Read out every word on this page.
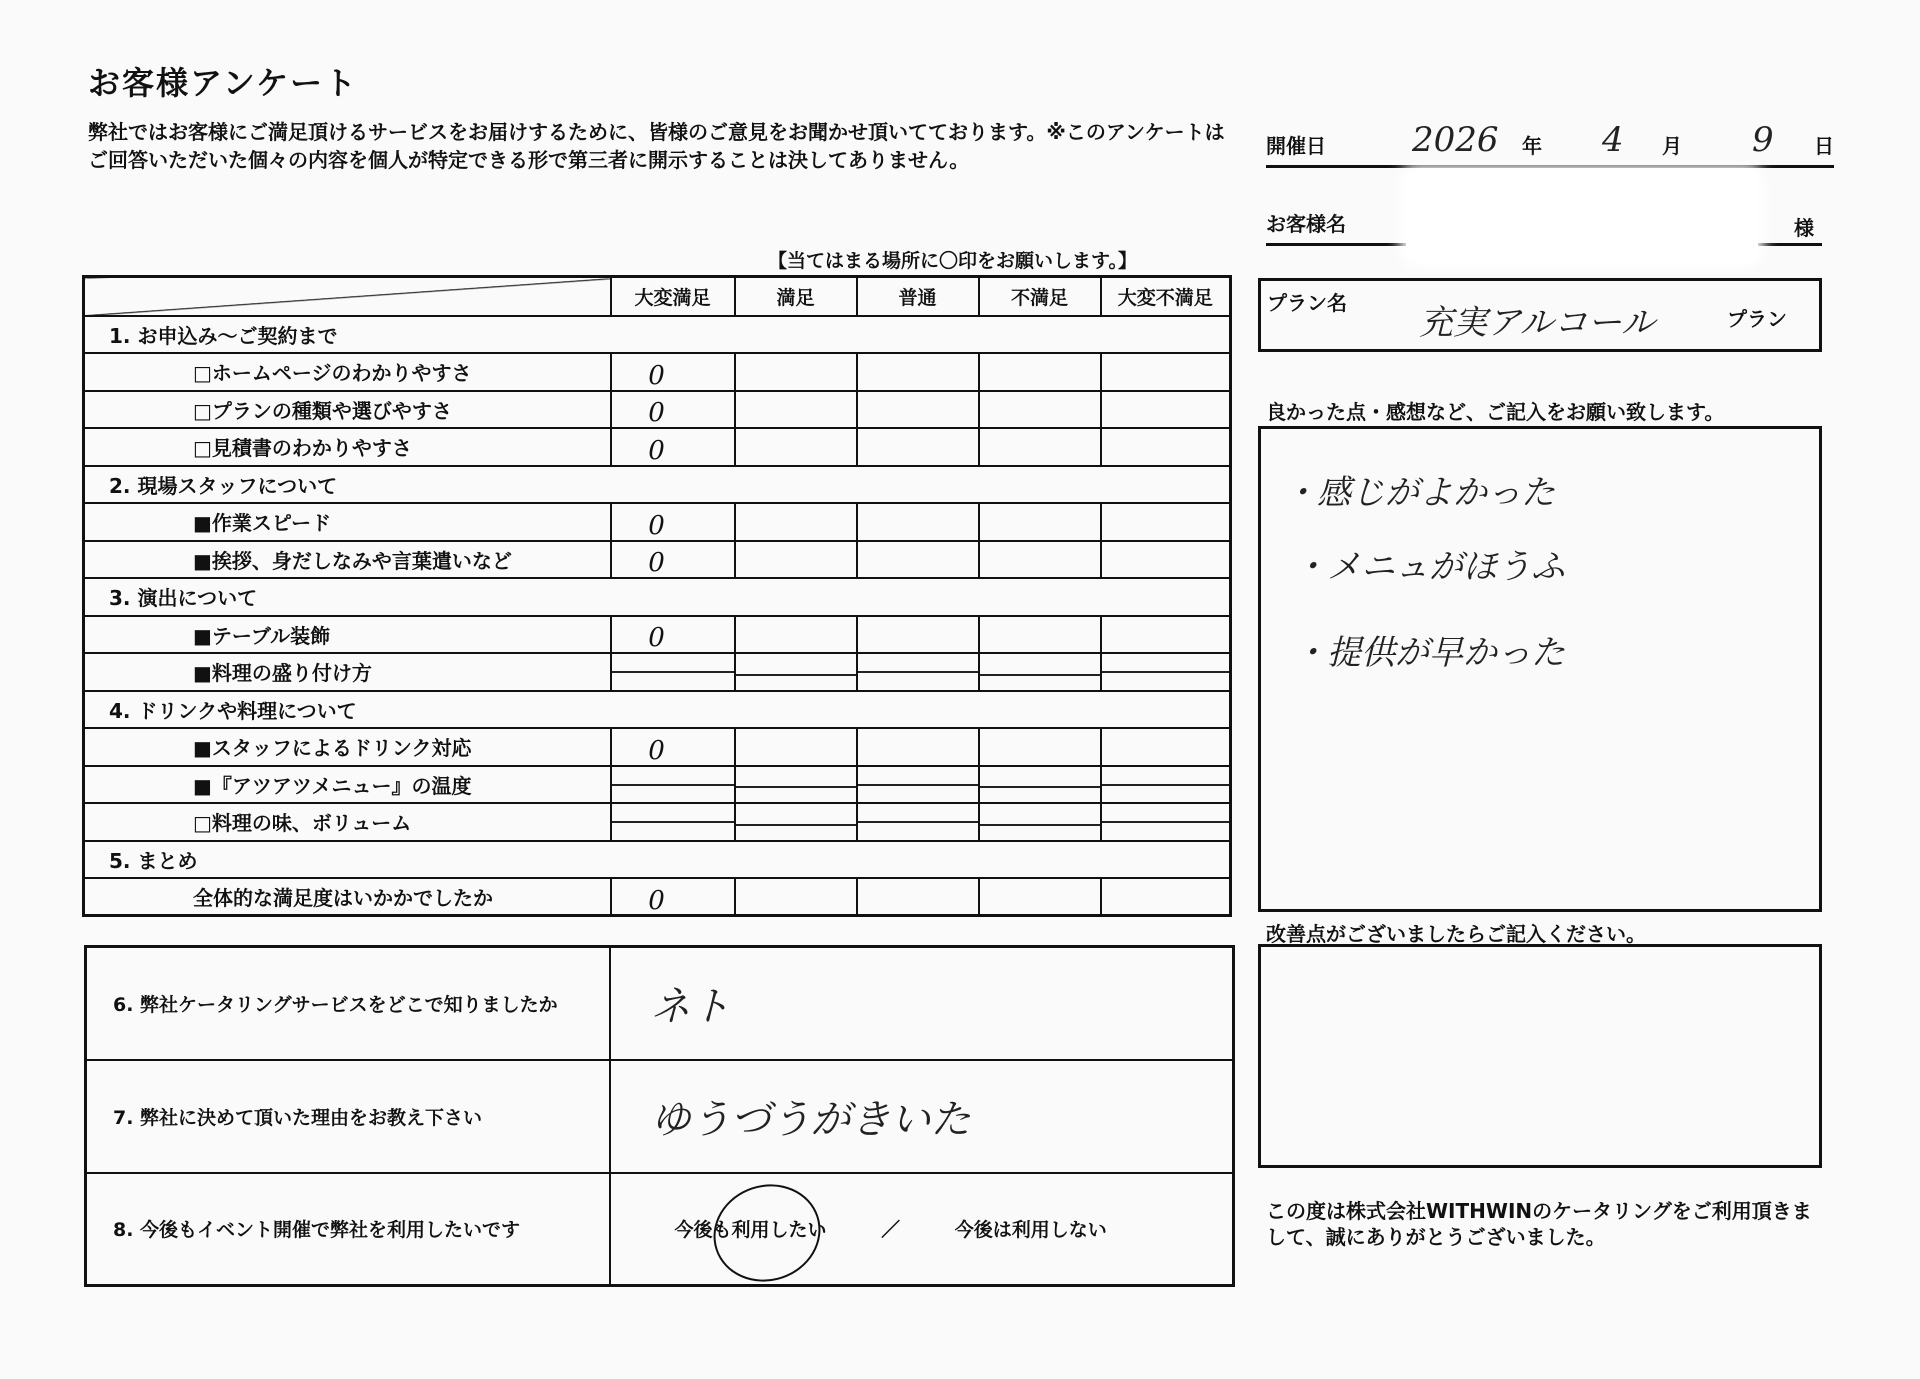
お客様アンケート
弊社ではお客様にご満足頂けるサービスをお届けするために、皆様のご意見をお聞かせ頂いてております。※このアンケートはご回答いただいた個々の内容を個人が特定できる形で第三者に開示することは決してありません。
【当てはまる場所に〇印をお願いします。】
	大変満足	満足	普通	不満足	大変不満足
1. お申込み～ご契約まで					
□ホームページのわかりやすさ	0				
□プランの種類や選びやすさ	0				
□見積書のわかりやすさ	0				
2. 現場スタッフについて					
■作業スピード	0				
■挨拶、身だしなみや言葉遣いなど	0				
3. 演出について					
■テーブル装飾	0				
■料理の盛り付け方	

4. ドリンクや料理について					
■スタッフによるドリンク対応	0				
■『アツアツメニュー』の温度	

□料理の味、ボリューム	

5. まとめ					
全体的な満足度はいかかでしたか	0				
6. 弊社ケータリングサービスをどこで知りましたか	ネト
7. 弊社に決めて頂いた理由をお教え下さい	ゆうづうがきいた
8. 今後もイベント開催で弊社を利用したいです	今後も利用したい ／ 今後は利用しない
開催日	2026 年 4 月 9 日
お客様名	様
プラン名 充実アルコール	プラン
良かった点・感想など、ご記入をお願い致します。
・感じがよかった
・メニュがほうふ
・提供が早かった
改善点がございましたらご記入ください。
この度は株式会社WITHWINのケータリングをご利用頂きまして、誠にありがとうございました。
